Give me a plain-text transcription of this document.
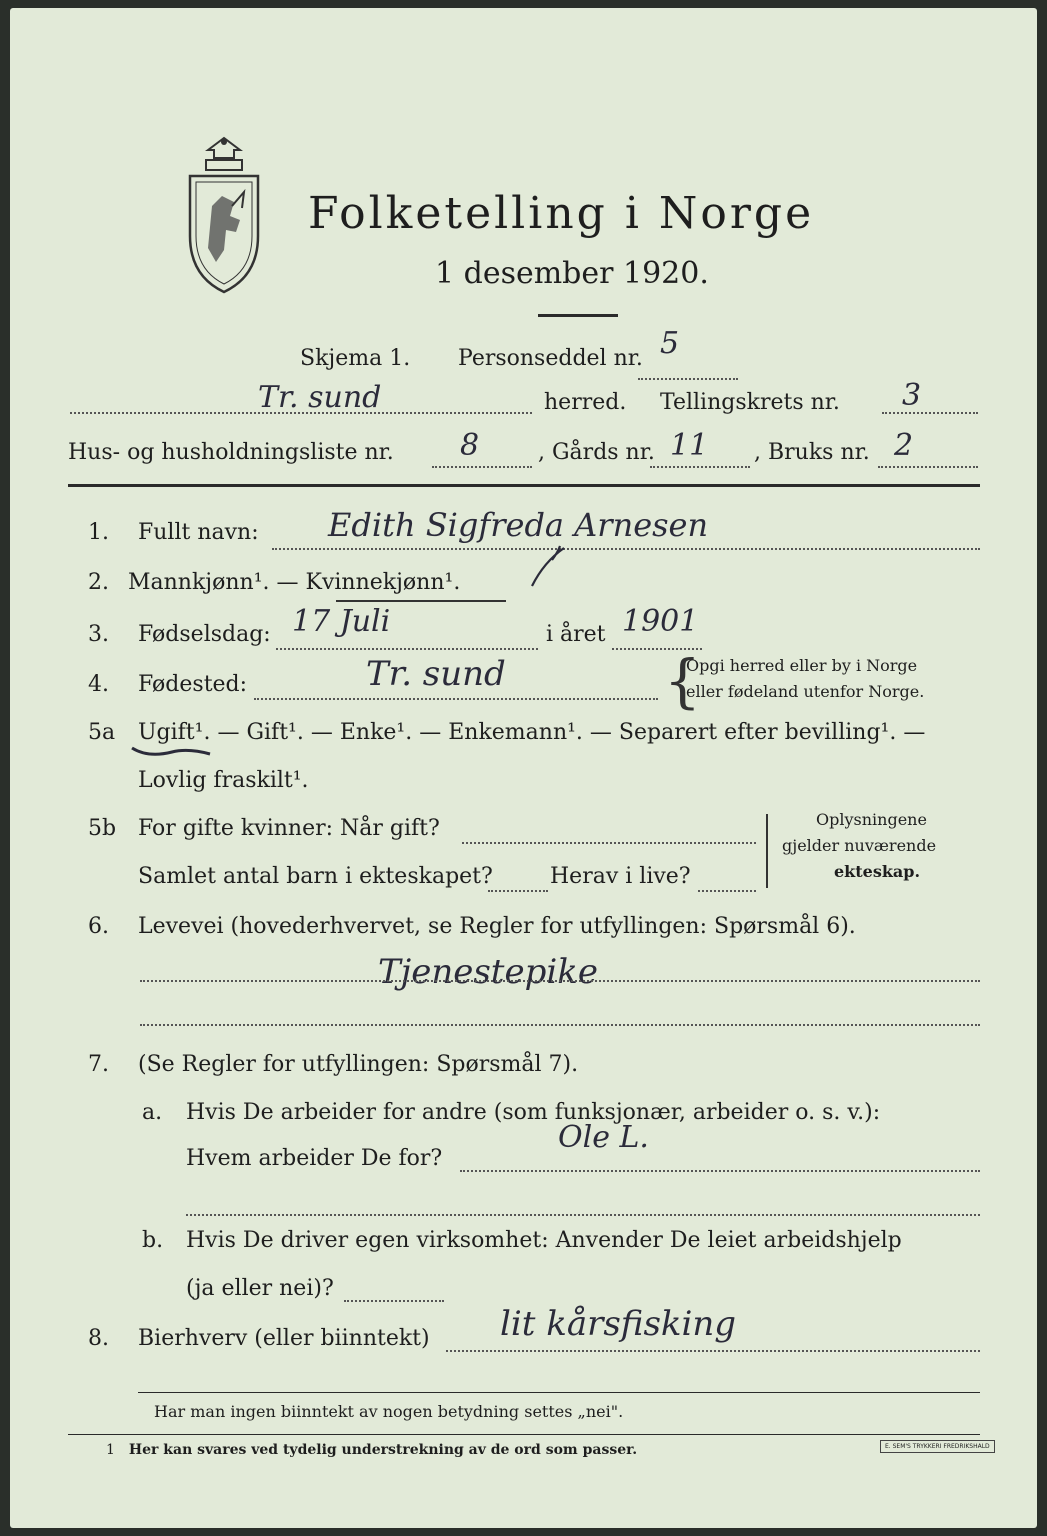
Folketelling i Norge
1 desember 1920.
Skjema 1. Personseddel nr. 5
Tr. sund	herred. Tellingskrets nr. 3
Hus- og husholdningsliste nr. 8	, Gårds nr. 11 , Bruks nr. 2
1. Fullt navn: Edith Sigfreda Arnesen
2. Mannkjønn¹. — Kvinnekjønn¹.
3. Fødselsdag: 17 Juli	i året 1901
4. Fødested:	Tr. sund	{
Opgi herred eller by i Norge
eller fødeland utenfor Norge.
5a Ugift¹. — Gift¹. — Enke¹. — Enkemann¹. — Separert efter bevilling¹. —
Lovlig fraskilt¹.
5b For gifte kvinner: Når gift?
Samlet antal barn i ekteskapet?	Herav i live?
Oplysningene
gjelder nuværende
ekteskap.
6. Levevei (hovederhvervet, se Regler for utfyllingen: Spørsmål 6).
Tjenestepike
7. (Se Regler for utfyllingen: Spørsmål 7).
a. Hvis De arbeider for andre (som funksjonær, arbeider o. s. v.):
Hvem arbeider De for?
Ole L.
b. Hvis De driver egen virksomhet: Anvender De leiet arbeidshjelp
(ja eller nei)?
8. Bierhverv (eller biinntekt) lit kårsfisking
Har man ingen biinntekt av nogen betydning settes „nei".
1 Her kan svares ved tydelig understrekning av de ord som passer.	E. SEM'S TRYKKERI FREDRIKSHALD
